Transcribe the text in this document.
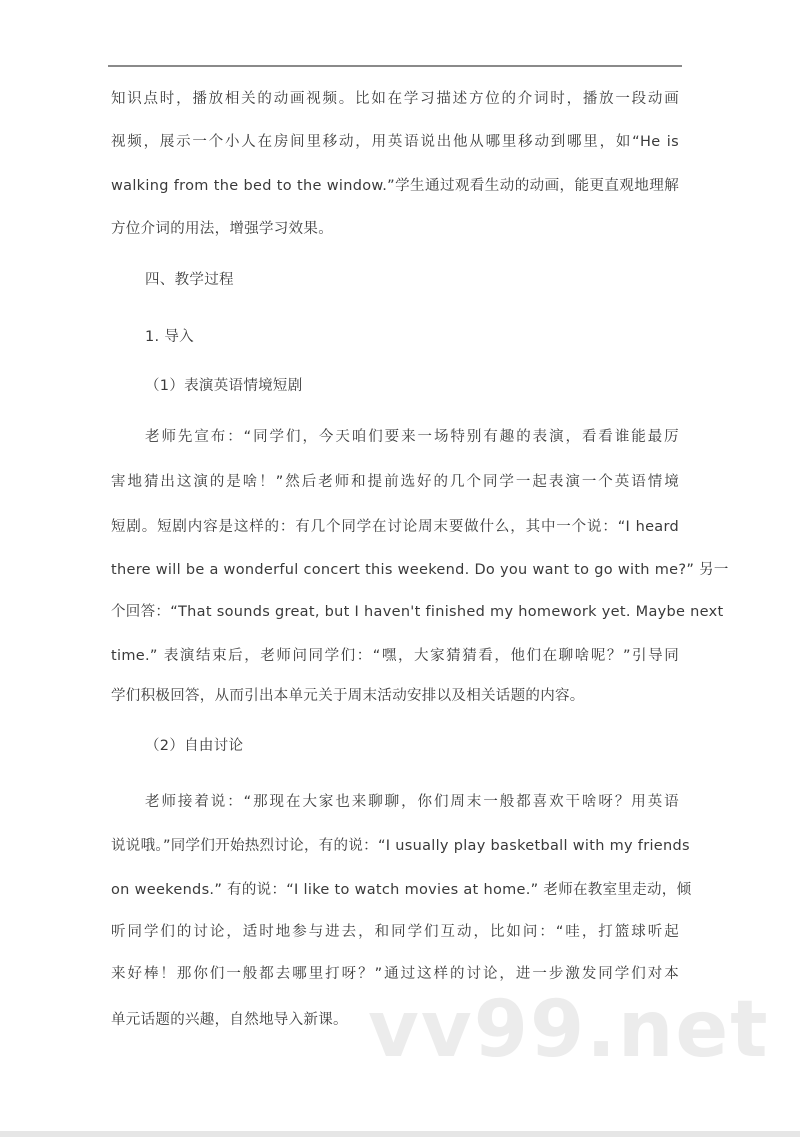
知识点时，播放相关的动画视频。比如在学习描述方位的介词时，播放一段动画
视频，展示一个小人在房间里移动，用英语说出他从哪里移动到哪里，如“He is
walking from the bed to the window.”学生通过观看生动的动画，能更直观地理解
方位介词的用法，增强学习效果。
四、教学过程
1. 导入
（1）表演英语情境短剧
老师先宣布：“同学们，今天咱们要来一场特别有趣的表演，看看谁能最厉
害地猜出这演的是啥！”然后老师和提前选好的几个同学一起表演一个英语情境
短剧。短剧内容是这样的：有几个同学在讨论周末要做什么，其中一个说：“I heard
there will be a wonderful concert this weekend. Do you want to go with me?” 另一
个回答：“That sounds great, but I haven't finished my homework yet. Maybe next
time.” 表演结束后，老师问同学们：“嘿，大家猜猜看，他们在聊啥呢？”引导同
学们积极回答，从而引出本单元关于周末活动安排以及相关话题的内容。
（2）自由讨论
老师接着说：“那现在大家也来聊聊，你们周末一般都喜欢干啥呀？用英语
说说哦。”同学们开始热烈讨论，有的说：“I usually play basketball with my friends
on weekends.” 有的说：“I like to watch movies at home.” 老师在教室里走动，倾
听同学们的讨论，适时地参与进去，和同学们互动，比如问：“哇，打篮球听起
来好棒！那你们一般都去哪里打呀？”通过这样的讨论，进一步激发同学们对本
单元话题的兴趣，自然地导入新课。 vv99.net
